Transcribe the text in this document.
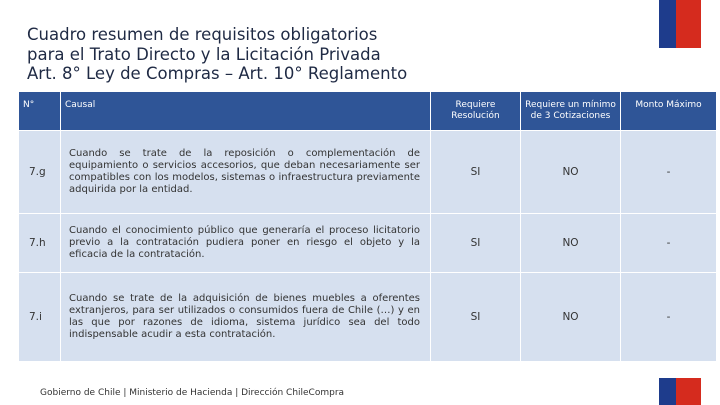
Cuadro resumen de requisitos obligatorios
para el Trato Directo y la Licitación Privada
Art. 8° Ley de Compras – Art. 10° Reglamento
N°	Causal	Requiere Resolución	Requiere un mínimo de 3 Cotizaciones	Monto Máximo
7.g	Cuando se trate de la reposición o complementación de equipamiento o servicios accesorios, que deban necesariamente ser compatibles con los modelos, sistemas o infraestructura previamente adquirida por la entidad.	SI	NO	-
7.h	Cuando el conocimiento público que generaría el proceso licitatorio previo a la contratación pudiera poner en riesgo el objeto y la eficacia de la contratación.	SI	NO	-
7.i	Cuando se trate de la adquisición de bienes muebles a oferentes extranjeros, para ser utilizados o consumidos fuera de Chile (…) y en las que por razones de idioma, sistema jurídico sea del todo indispensable acudir a esta contratación.	SI	NO	-
Gobierno de Chile | Ministerio de Hacienda | Dirección ChileCompra
